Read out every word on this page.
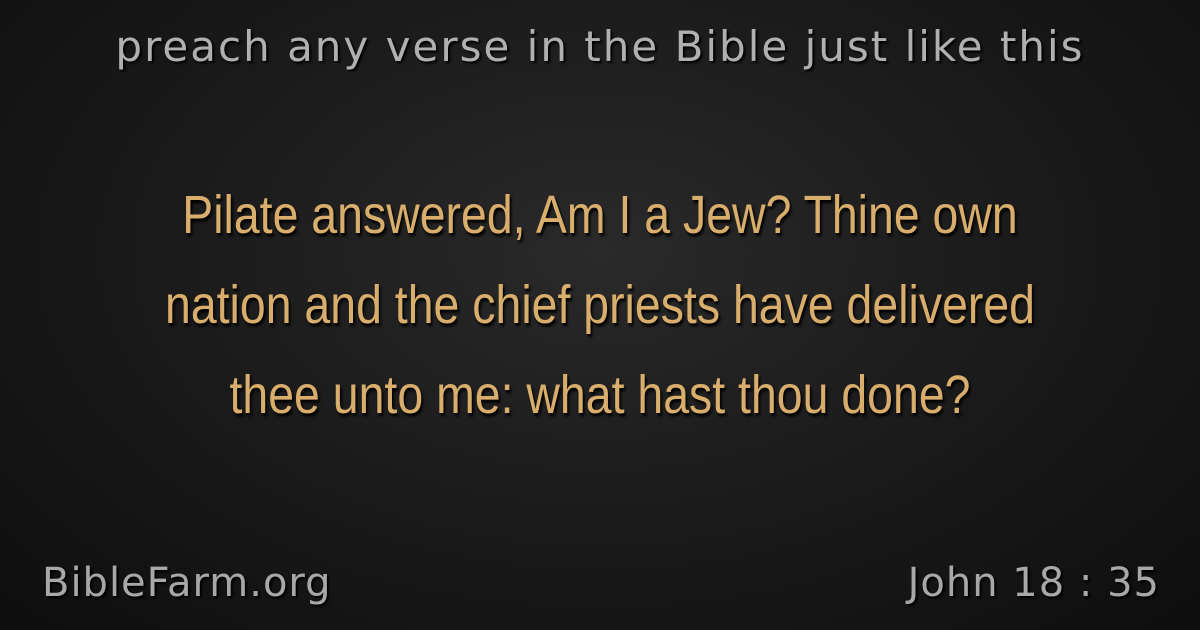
preach any verse in the Bible just like this
Pilate answered, Am I a Jew? Thine own nation and the chief priests have delivered thee unto me: what hast thou done?
BibleFarm.org	John 18 : 35
